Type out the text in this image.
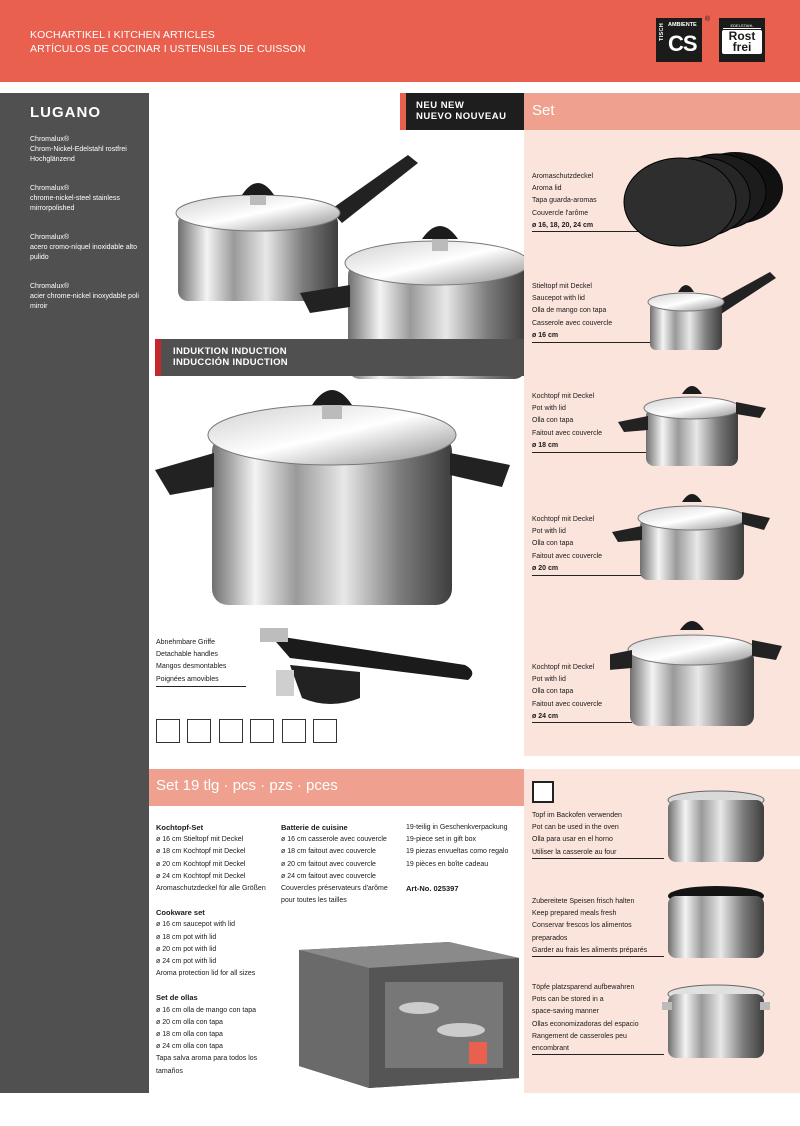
KOCHARTIKEL I KITCHEN ARTICLES
ARTÍCULOS DE COCINAR I USTENSILES DE CUISSON
TISCH AMBIENTE
CS
®
EDELSTAHL
Rost frei
LUGANO
Chromalux®
Chrom-Nickel-Edelstahl rostfrei Hochglänzend
Chromalux®
chrome-nickel-steel stainless mirrorpolished
Chromalux®
acero cromo-níquel inoxidable alto pulido
Chromalux®
acier chrome-nickel inoxydable poli miroir
NEU NEW
NUEVO NOUVEAU Set
INDUKTION INDUCTION
INDUCCIÓN INDUCTION
Aromaschutzdeckel
Aroma lid
Tapa guarda-aromas
Couvercle l'arôme
ø 16, 18, 20, 24 cm
Stieltopf mit Deckel
Saucepot with lid
Olla de mango con tapa
Casserole avec couvercle
ø 16 cm
Kochtopf mit Deckel
Pot with lid
Olla con tapa
Faitout avec couvercle
ø 18 cm
Kochtopf mit Deckel
Pot with lid
Olla con tapa
Faitout avec couvercle
ø 20 cm
Kochtopf mit Deckel
Pot with lid
Olla con tapa
Faitout avec couvercle
ø 24 cm
Abnehmbare Griffe
Detachable handles
Mangos desmontables
Poignées amovibles
Set 19 tlg · pcs · pzs · pces
Kochtopf-Set
ø 16 cm Stieltopf mit Deckel
ø 18 cm Kochtopf mit Deckel
ø 20 cm Kochtopf mit Deckel
ø 24 cm Kochtopf mit Deckel
Aromaschutzdeckel für alle Größen
Cookware set
ø 16 cm saucepot with lid
ø 18 cm pot with lid
ø 20 cm pot with lid
ø 24 cm pot with lid
Aroma protection lid for all sizes
Set de ollas
ø 16 cm olla de mango con tapa
ø 20 cm olla con tapa
ø 18 cm olla con tapa
ø 24 cm olla con tapa
Tapa salva aroma para todos los
tamaños
Batterie de cuisine
ø 16 cm casserole avec couvercle
ø 18 cm faitout avec couvercle
ø 20 cm faitout avec couvercle
ø 24 cm faitout avec couvercle
Couvercles préservateurs d'arôme
pour toutes les tailles
19-teilig in Geschenkverpackung
19-piece set in gift box
19 piezas envueltas como regalo
19 pièces en boîte cadeau
Art-No. 025397
Topf im Backofen verwenden
Pot can be used in the oven
Olla para usar en el horno
Utiliser la casserole au four
Zubereitete Speisen frisch halten
Keep prepared meals fresh
Conservar frescos los alimentos
preparados
Garder au frais les aliments préparés
Töpfe platzsparend aufbewahren
Pots can be stored in a
space-saving manner
Ollas economizadoras del espacio
Rangement de casseroles peu
encombrant
